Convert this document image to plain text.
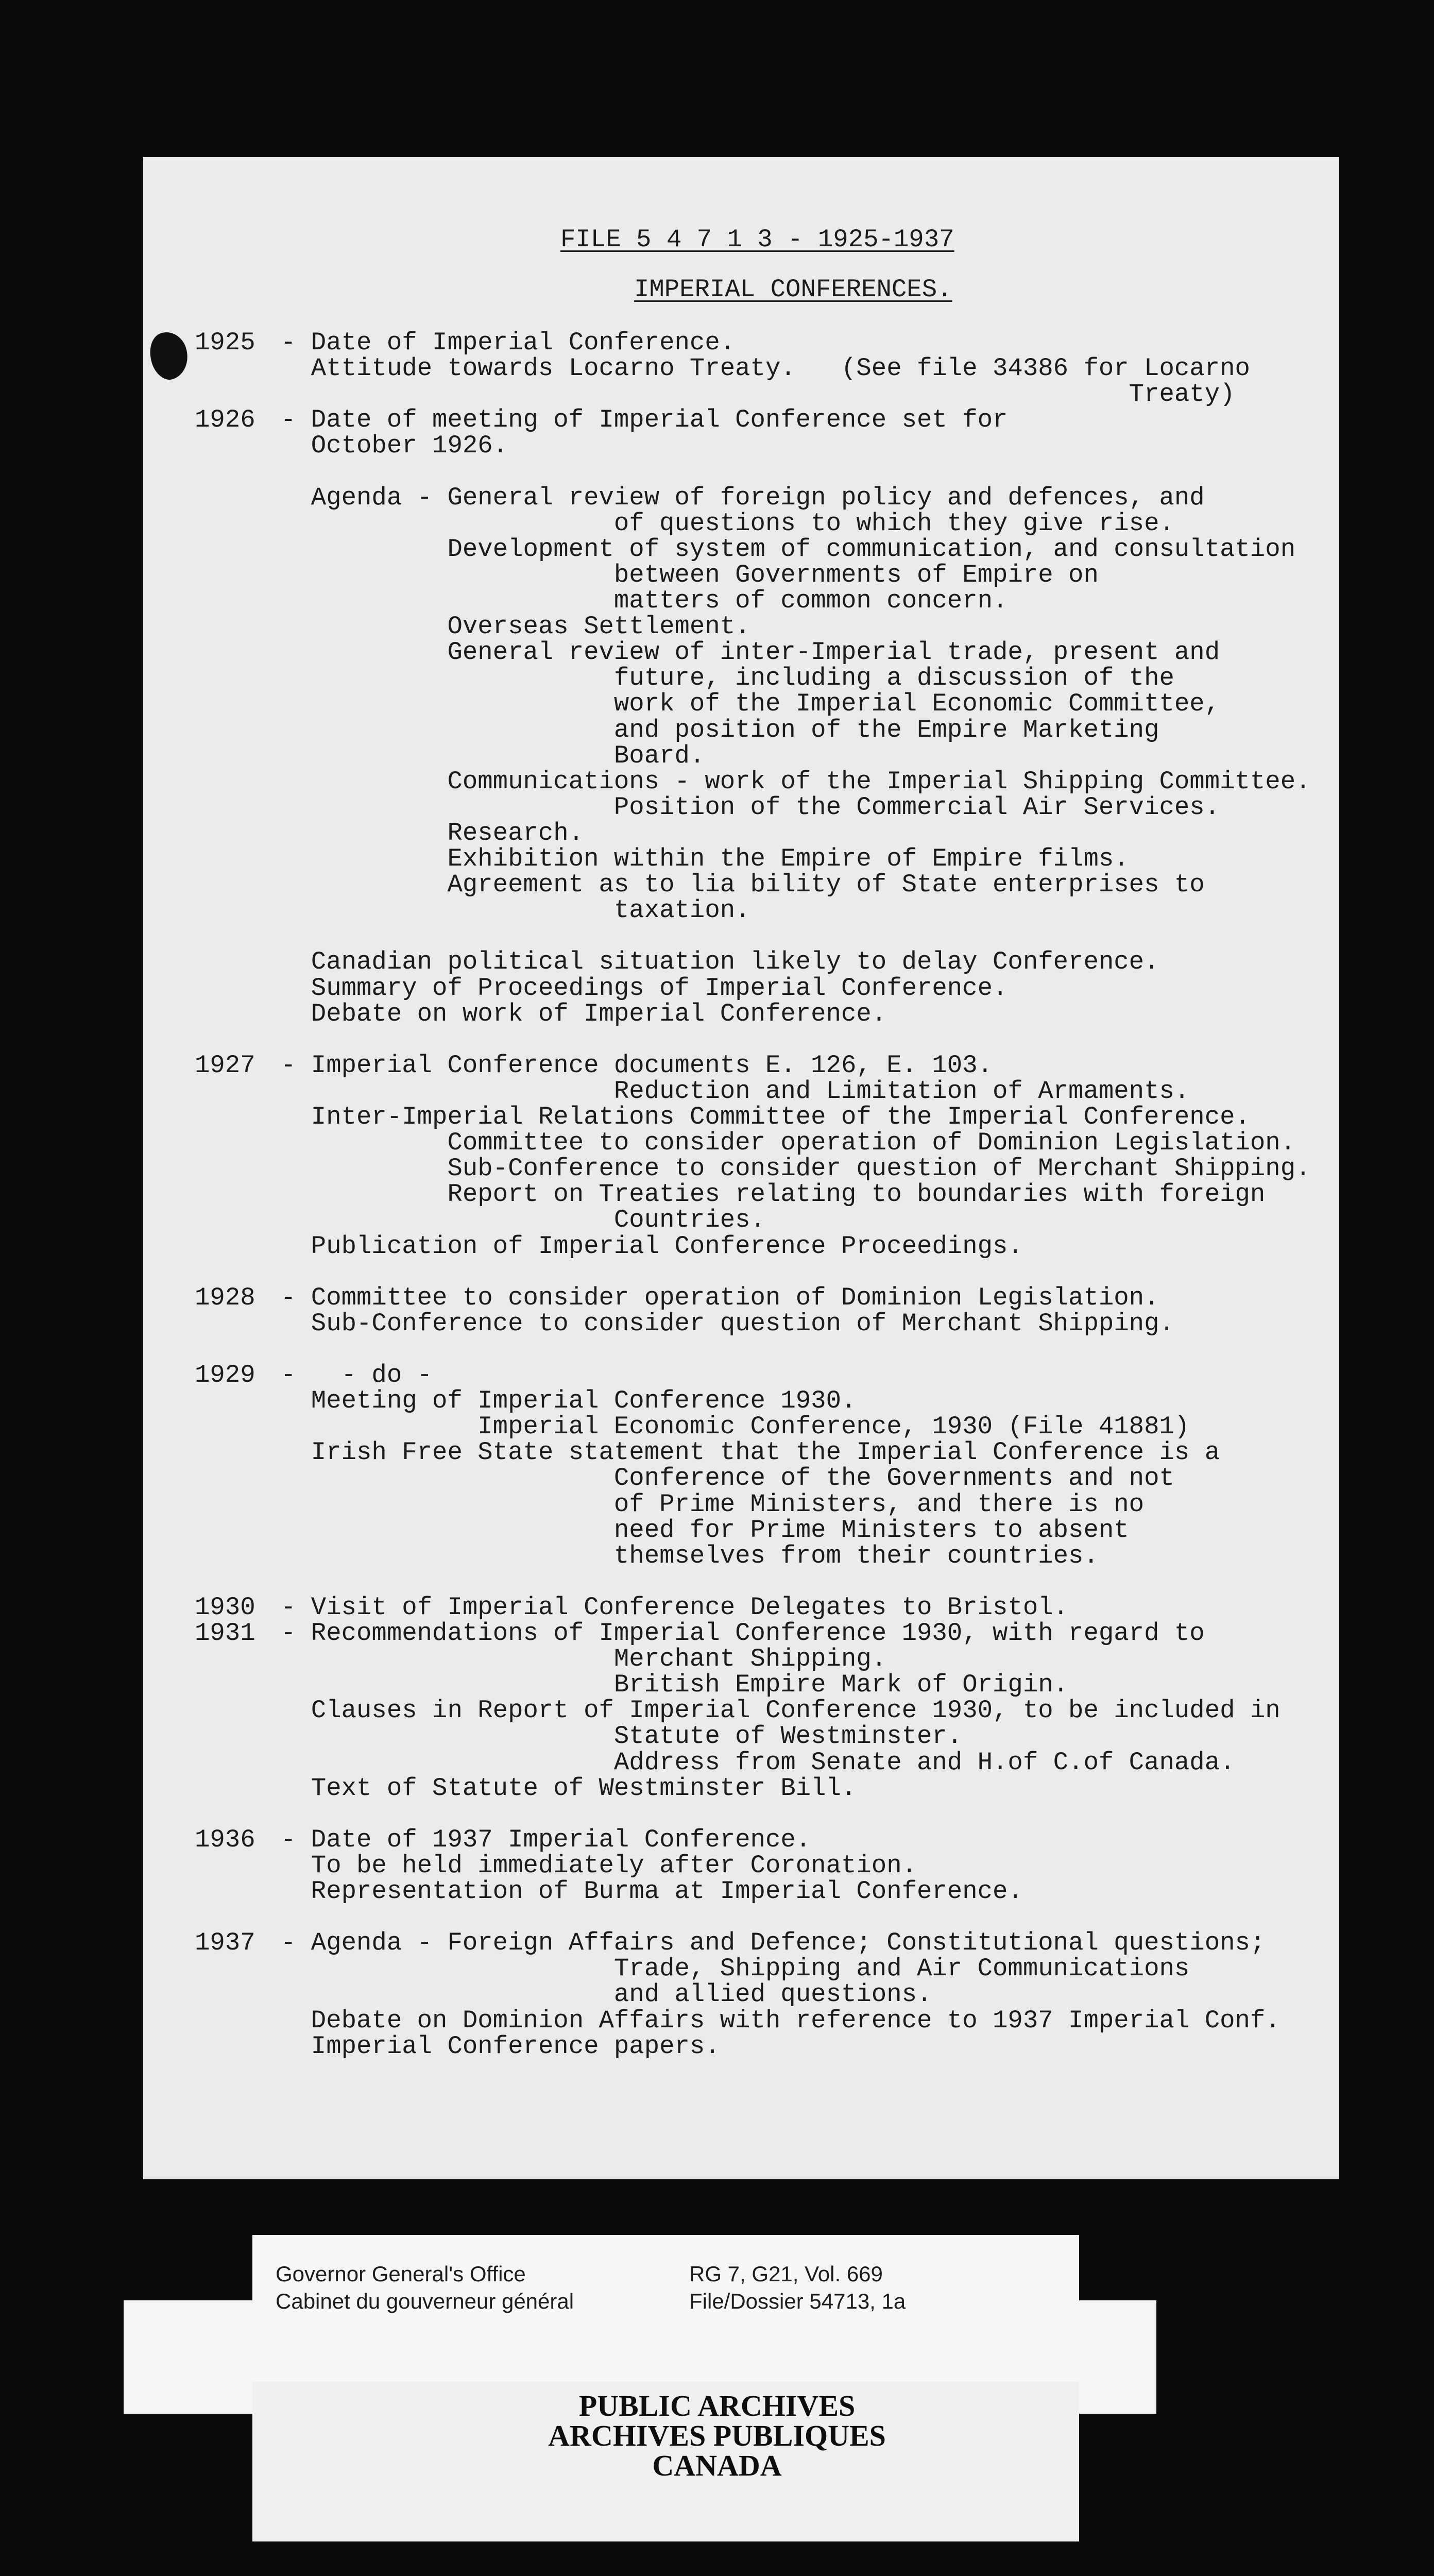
FILE 5 4 7 1 3 - 1925-1937

IMPERIAL CONFERENCES.

1925 - Date of Imperial Conference.

Attitude towards Locarno Treaty.   (See file 34386 for Locarno

Treaty)

1926 - Date of meeting of Imperial Conference set for

October 1926.

Agenda - General review of foreign policy and defences, and

of questions to which they give rise.

Development of system of communication, and consultation

between Governments of Empire on

matters of common concern.

Overseas Settlement.

General review of inter-Imperial trade, present and

future, including a discussion of the

work of the Imperial Economic Committee,

and position of the Empire Marketing

Board.

Communications - work of the Imperial Shipping Committee.

Position of the Commercial Air Services.

Research.

Exhibition within the Empire of Empire films.

Agreement as to lia bility of State enterprises to

taxation.

Canadian political situation likely to delay Conference.

Summary of Proceedings of Imperial Conference.

Debate on work of Imperial Conference.

1927 - Imperial Conference documents E. 126, E. 103.

Reduction and Limitation of Armaments.

Inter-Imperial Relations Committee of the Imperial Conference.

Committee to consider operation of Dominion Legislation.

Sub-Conference to consider question of Merchant Shipping.

Report on Treaties relating to boundaries with foreign

Countries.

Publication of Imperial Conference Proceedings.

1928 - Committee to consider operation of Dominion Legislation.

Sub-Conference to consider question of Merchant Shipping.

1929 -   - do -

Meeting of Imperial Conference 1930.

Imperial Economic Conference, 1930 (File 41881)

Irish Free State statement that the Imperial Conference is a

Conference of the Governments and not

of Prime Ministers, and there is no

need for Prime Ministers to absent

themselves from their countries.

1930 - Visit of Imperial Conference Delegates to Bristol.

1931 - Recommendations of Imperial Conference 1930, with regard to

Merchant Shipping.

British Empire Mark of Origin.

Clauses in Report of Imperial Conference 1930, to be included in

Statute of Westminster.

Address from Senate and H.of C.of Canada.

Text of Statute of Westminster Bill.

1936 - Date of 1937 Imperial Conference.

To be held immediately after Coronation.

Representation of Burma at Imperial Conference.

1937 - Agenda - Foreign Affairs and Defence; Constitutional questions;

Trade, Shipping and Air Communications

and allied questions.

Debate on Dominion Affairs with reference to 1937 Imperial Conf.

Imperial Conference papers.

Governor General's Office

Cabinet du gouverneur général

RG 7, G21, Vol. 669

File/Dossier 54713, 1a

PUBLIC ARCHIVES

ARCHIVES PUBLIQUES

CANADA
